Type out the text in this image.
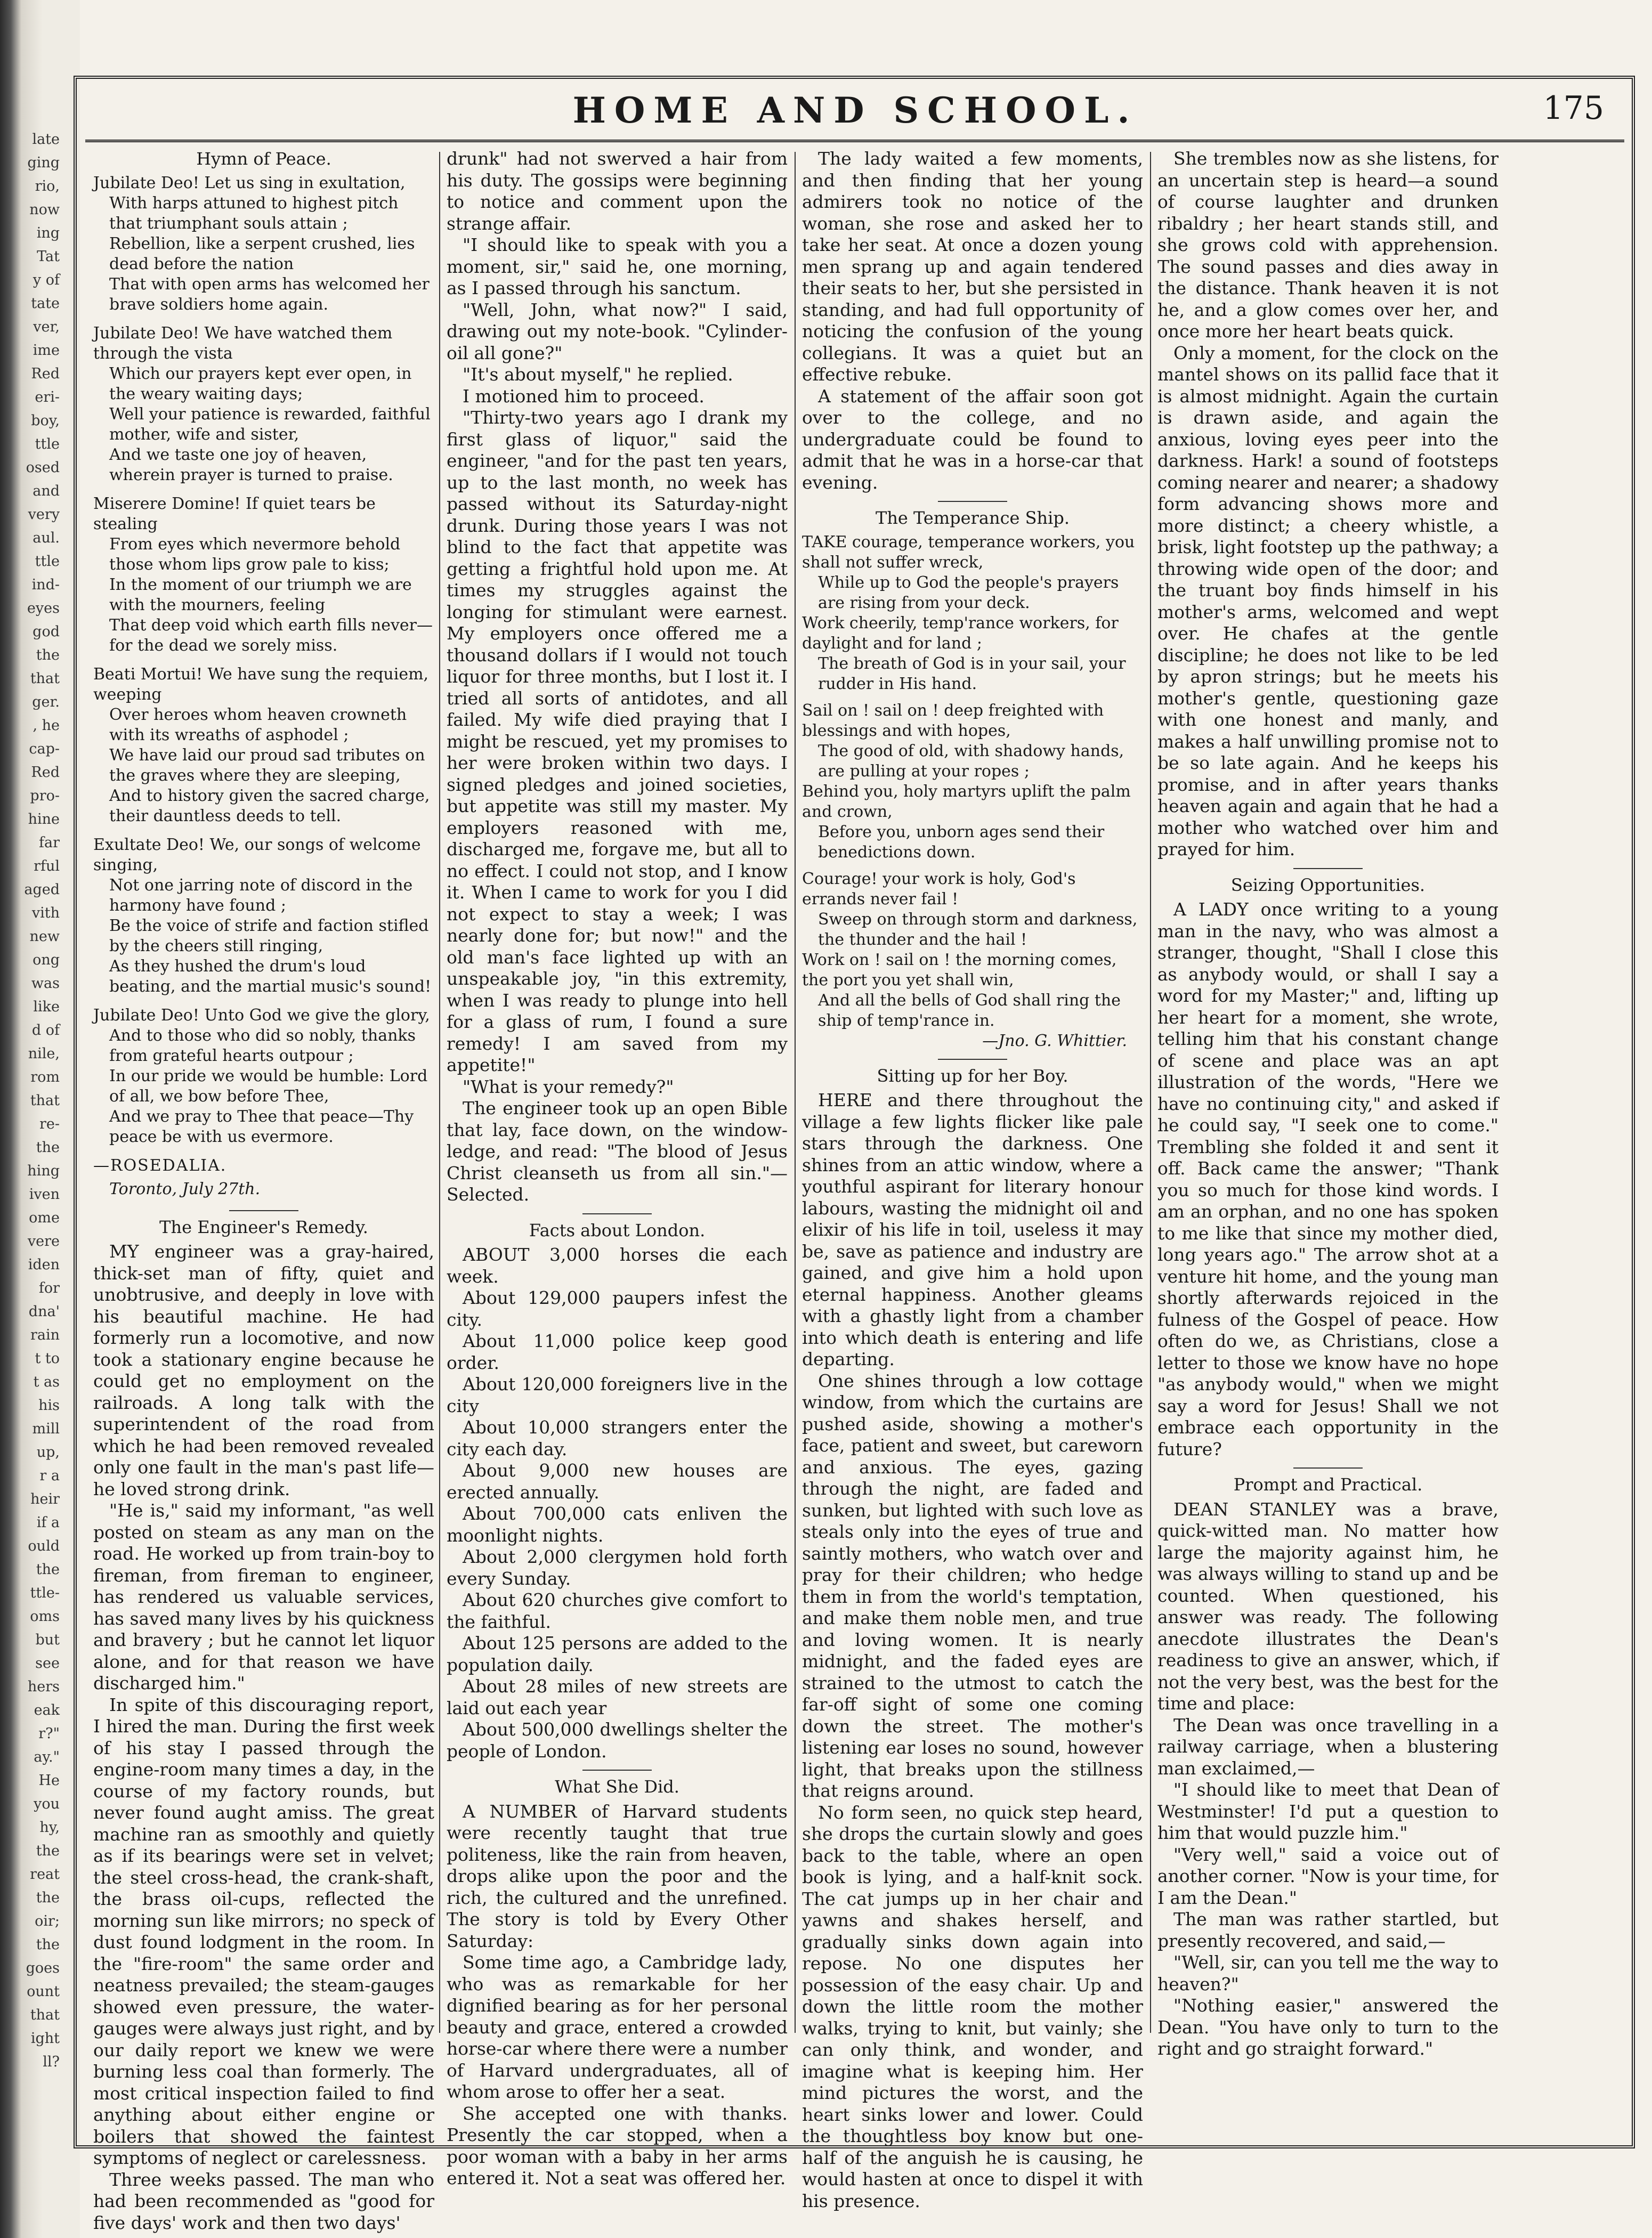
late
ging
rio,
now
ing
Tat
y of
tate
ver,
ime
Red
eri-
boy,
ttle
osed
and
very
aul.
ttle
ind-
eyes
god
the
that
ger.
, he
cap-
Red
pro-
hine
far
rful
aged
vith
new
ong
was
like
d of
nile,
rom
that
re-
the
hing
iven
ome
vere
iden
for
dna'
rain
t to
t as
his
mill
up,
r a
heir
if a
ould
the
ttle-
oms
but
see
hers
eak
r?"
ay."
He
you
hy,
the
reat
the
oir;
the
goes
ount
that
ight
ll?
HOME AND SCHOOL.	175
Hymn of Peace.
Jubilate Deo! Let us sing in exultation,
With harps attuned to highest pitch that triumphant souls attain ;
Rebellion, like a serpent crushed, lies dead before the nation
That with open arms has welcomed her brave soldiers home again.
Jubilate Deo! We have watched them through the vista
Which our prayers kept ever open, in the weary waiting days;
Well your patience is rewarded, faithful mother, wife and sister,
And we taste one joy of heaven, wherein prayer is turned to praise.
Miserere Domine! If quiet tears be stealing
From eyes which nevermore behold those whom lips grow pale to kiss;
In the moment of our triumph we are with the mourners, feeling
That deep void which earth fills never—for the dead we sorely miss.
Beati Mortui! We have sung the requiem, weeping
Over heroes whom heaven crowneth with its wreaths of asphodel ;
We have laid our proud sad tributes on the graves where they are sleeping,
And to history given the sacred charge, their dauntless deeds to tell.
Exultate Deo! We, our songs of welcome singing,
Not one jarring note of discord in the harmony have found ;
Be the voice of strife and faction stifled by the cheers still ringing,
As they hushed the drum's loud beating, and the martial music's sound!
Jubilate Deo! Unto God we give the glory,
And to those who did so nobly, thanks from grateful hearts outpour ;
In our pride we would be humble: Lord of all, we bow before Thee,
And we pray to Thee that peace—Thy peace be with us evermore.
—ROSEDALIA.
Toronto, July 27th.
The Engineer's Remedy.

MY engineer was a gray-haired, thick-set man of fifty, quiet and unobtrusive, and deeply in love with his beautiful machine. He had formerly run a locomotive, and now took a stationary engine because he could get no employment on the railroads. A long talk with the superintendent of the road from which he had been removed revealed only one fault in the man's past life—he loved strong drink.

"He is," said my informant, "as well posted on steam as any man on the road. He worked up from train-boy to fireman, from fireman to engineer, has rendered us valuable services, has saved many lives by his quickness and bravery ; but he cannot let liquor alone, and for that reason we have discharged him."

In spite of this discouraging report, I hired the man. During the first week of his stay I passed through the engine-room many times a day, in the course of my factory rounds, but never found aught amiss. The great machine ran as smoothly and quietly as if its bearings were set in velvet; the steel cross-head, the crank-shaft, the brass oil-cups, reflected the morning sun like mirrors; no speck of dust found lodgment in the room. In the "fire-room" the same order and neatness prevailed; the steam-gauges showed even pressure, the water-gauges were always just right, and by our daily report we knew we were burning less coal than formerly. The most critical inspection failed to find anything about either engine or boilers that showed the faintest symptoms of neglect or carelessness.

Three weeks passed. The man who had been recommended as "good for five days' work and then two days'

drunk" had not swerved a hair from his duty. The gossips were beginning to notice and comment upon the strange affair.

"I should like to speak with you a moment, sir," said he, one morning, as I passed through his sanctum.

"Well, John, what now?" I said, drawing out my note-book. "Cylinder-oil all gone?"

"It's about myself," he replied.

I motioned him to proceed.

"Thirty-two years ago I drank my first glass of liquor," said the engineer, "and for the past ten years, up to the last month, no week has passed without its Saturday-night drunk. During those years I was not blind to the fact that appetite was getting a frightful hold upon me. At times my struggles against the longing for stimulant were earnest. My employers once offered me a thousand dollars if I would not touch liquor for three months, but I lost it. I tried all sorts of antidotes, and all failed. My wife died praying that I might be rescued, yet my promises to her were broken within two days. I signed pledges and joined societies, but appetite was still my master. My employers reasoned with me, discharged me, forgave me, but all to no effect. I could not stop, and I know it. When I came to work for you I did not expect to stay a week; I was nearly done for; but now!" and the old man's face lighted up with an unspeakable joy, "in this extremity, when I was ready to plunge into hell for a glass of rum, I found a sure remedy! I am saved from my appetite!"

"What is your remedy?"

The engineer took up an open Bible that lay, face down, on the window-ledge, and read: "The blood of Jesus Christ cleanseth us from all sin."—Selected.

Facts about London.

ABOUT 3,000 horses die each week.

About 129,000 paupers infest the city.

About 11,000 police keep good order.

About 120,000 foreigners live in the city

About 10,000 strangers enter the city each day.

About 9,000 new houses are erected annually.

About 700,000 cats enliven the moonlight nights.

About 2,000 clergymen hold forth every Sunday.

About 620 churches give comfort to the faithful.

About 125 persons are added to the population daily.

About 28 miles of new streets are laid out each year

About 500,000 dwellings shelter the people of London.

What She Did.

A NUMBER of Harvard students were recently taught that true politeness, like the rain from heaven, drops alike upon the poor and the rich, the cultured and the unrefined. The story is told by Every Other Saturday:

Some time ago, a Cambridge lady, who was as remarkable for her dignified bearing as for her personal beauty and grace, entered a crowded horse-car where there were a number of Harvard undergraduates, all of whom arose to offer her a seat.

She accepted one with thanks. Presently the car stopped, when a poor woman with a baby in her arms entered it. Not a seat was offered her.

The lady waited a few moments, and then finding that her young admirers took no notice of the woman, she rose and asked her to take her seat. At once a dozen young men sprang up and again tendered their seats to her, but she persisted in standing, and had full opportunity of noticing the confusion of the young collegians. It was a quiet but an effective rebuke.

A statement of the affair soon got over to the college, and no undergraduate could be found to admit that he was in a horse-car that evening.

The Temperance Ship.

TAKE courage, temperance workers, you shall not suffer wreck,

While up to God the people's prayers are rising from your deck.

Work cheerily, temp'rance workers, for daylight and for land ;

The breath of God is in your sail, your rudder in His hand.

Sail on ! sail on ! deep freighted with blessings and with hopes,

The good of old, with shadowy hands, are pulling at your ropes ;

Behind you, holy martyrs uplift the palm and crown,

Before you, unborn ages send their benedictions down.

Courage! your work is holy, God's errands never fail !

Sweep on through storm and darkness, the thunder and the hail !

Work on ! sail on ! the morning comes, the port you yet shall win,

And all the bells of God shall ring the ship of temp'rance in.

—Jno. G. Whittier.
Sitting up for her Boy.

HERE and there throughout the village a few lights flicker like pale stars through the darkness. One shines from an attic window, where a youthful aspirant for literary honour labours, wasting the midnight oil and elixir of his life in toil, useless it may be, save as patience and industry are gained, and give him a hold upon eternal happiness. Another gleams with a ghastly light from a chamber into which death is entering and life departing.

One shines through a low cottage window, from which the curtains are pushed aside, showing a mother's face, patient and sweet, but careworn and anxious. The eyes, gazing through the night, are faded and sunken, but lighted with such love as steals only into the eyes of true and saintly mothers, who watch over and pray for their children; who hedge them in from the world's temptation, and make them noble men, and true and loving women. It is nearly midnight, and the faded eyes are strained to the utmost to catch the far-off sight of some one coming down the street. The mother's listening ear loses no sound, however light, that breaks upon the stillness that reigns around.

No form seen, no quick step heard, she drops the curtain slowly and goes back to the table, where an open book is lying, and a half-knit sock. The cat jumps up in her chair and yawns and shakes herself, and gradually sinks down again into repose. No one disputes her possession of the easy chair. Up and down the little room the mother walks, trying to knit, but vainly; she can only think, and wonder, and imagine what is keeping him. Her mind pictures the worst, and the heart sinks lower and lower. Could the thoughtless boy know but one-half of the anguish he is causing, he would hasten at once to dispel it with his presence.

She trembles now as she listens, for an uncertain step is heard—a sound of course laughter and drunken ribaldry ; her heart stands still, and she grows cold with apprehension. The sound passes and dies away in the distance. Thank heaven it is not he, and a glow comes over her, and once more her heart beats quick.

Only a moment, for the clock on the mantel shows on its pallid face that it is almost midnight. Again the curtain is drawn aside, and again the anxious, loving eyes peer into the darkness. Hark! a sound of footsteps coming nearer and nearer; a shadowy form advancing shows more and more distinct; a cheery whistle, a brisk, light footstep up the pathway; a throwing wide open of the door; and the truant boy finds himself in his mother's arms, welcomed and wept over. He chafes at the gentle discipline; he does not like to be led by apron strings; but he meets his mother's gentle, questioning gaze with one honest and manly, and makes a half unwilling promise not to be so late again. And he keeps his promise, and in after years thanks heaven again and again that he had a mother who watched over him and prayed for him.

Seizing Opportunities.

A LADY once writing to a young man in the navy, who was almost a stranger, thought, "Shall I close this as anybody would, or shall I say a word for my Master;" and, lifting up her heart for a moment, she wrote, telling him that his constant change of scene and place was an apt illustration of the words, "Here we have no continuing city," and asked if he could say, "I seek one to come." Trembling she folded it and sent it off. Back came the answer; "Thank you so much for those kind words. I am an orphan, and no one has spoken to me like that since my mother died, long years ago." The arrow shot at a venture hit home, and the young man shortly afterwards rejoiced in the fulness of the Gospel of peace. How often do we, as Christians, close a letter to those we know have no hope "as anybody would," when we might say a word for Jesus! Shall we not embrace each opportunity in the future?

Prompt and Practical.

DEAN STANLEY was a brave, quick-witted man. No matter how large the majority against him, he was always willing to stand up and be counted. When questioned, his answer was ready. The following anecdote illustrates the Dean's readiness to give an answer, which, if not the very best, was the best for the time and place:

The Dean was once travelling in a railway carriage, when a blustering man exclaimed,—

"I should like to meet that Dean of Westminster! I'd put a question to him that would puzzle him."

"Very well," said a voice out of another corner. "Now is your time, for I am the Dean."

The man was rather startled, but presently recovered, and said,—

"Well, sir, can you tell me the way to heaven?"

"Nothing easier," answered the Dean. "You have only to turn to the right and go straight forward."
